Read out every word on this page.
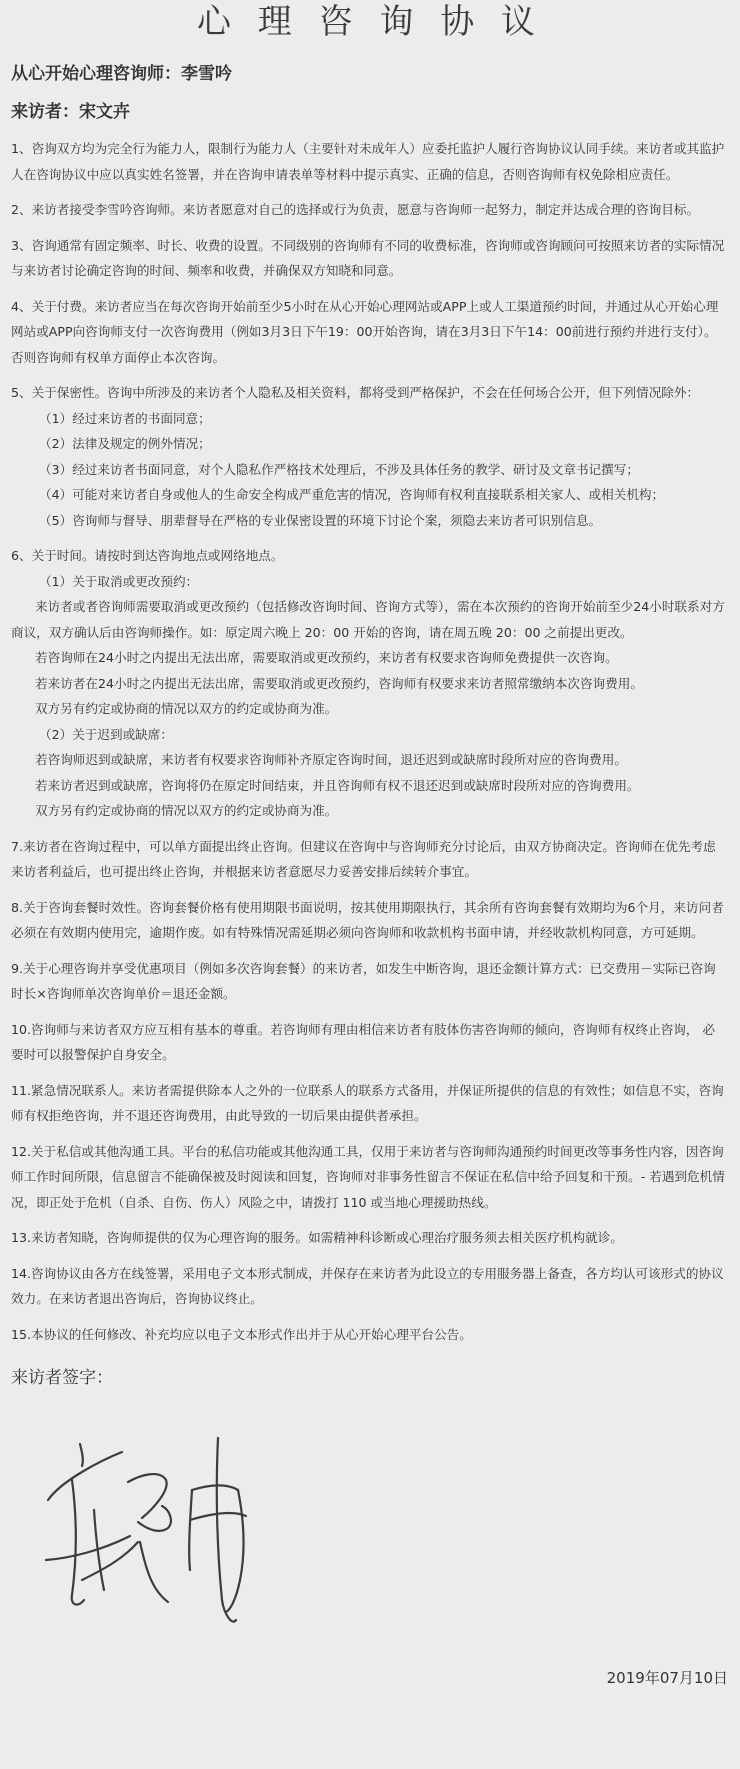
心 理 咨 询 协 议
从心开始心理咨询师：李雪吟
来访者：宋文卉
1、咨询双方均为完全行为能力人，限制行为能力人（主要针对未成年人）应委托监护人履行咨询协议认同手续。来访者或其监护人在咨询协议中应以真实姓名签署，并在咨询申请表单等材料中提示真实、正确的信息，否则咨询师有权免除相应责任。
2、来访者接受李雪吟咨询师。来访者愿意对自己的选择或行为负责，愿意与咨询师一起努力，制定并达成合理的咨询目标。
3、咨询通常有固定频率、时长、收费的设置。不同级别的咨询师有不同的收费标准，咨询师或咨询顾问可按照来访者的实际情况与来访者讨论确定咨询的时间、频率和收费，并确保双方知晓和同意。
4、关于付费。来访者应当在每次咨询开始前至少5小时在从心开始心理网站或APP上或人工渠道预约时间，并通过从心开始心理网站或APP向咨询师支付一次咨询费用（例如3月3日下午19：00开始咨询，请在3月3日下午14：00前进行预约并进行支付）。否则咨询师有权单方面停止本次咨询。
5、关于保密性。咨询中所涉及的来访者个人隐私及相关资料，都将受到严格保护，不会在任何场合公开，但下列情况除外：
（1）经过来访者的书面同意；
（2）法律及规定的例外情况；
（3）经过来访者书面同意，对个人隐私作严格技术处理后，不涉及具体任务的教学、研讨及文章书记撰写；
（4）可能对来访者自身或他人的生命安全构成严重危害的情况，咨询师有权利直接联系相关家人、或相关机构；
（5）咨询师与督导、朋辈督导在严格的专业保密设置的环境下讨论个案，须隐去来访者可识别信息。
6、关于时间。请按时到达咨询地点或网络地点。
（1）关于取消或更改预约：
来访者或者咨询师需要取消或更改预约（包括修改咨询时间、咨询方式等），需在本次预约的咨询开始前至少24小时联系对方商议，双方确认后由咨询师操作。如：原定周六晚上 20：00 开始的咨询，请在周五晚 20：00 之前提出更改。
若咨询师在24小时之内提出无法出席，需要取消或更改预约，来访者有权要求咨询师免费提供一次咨询。
若来访者在24小时之内提出无法出席，需要取消或更改预约，咨询师有权要求来访者照常缴纳本次咨询费用。
双方另有约定或协商的情况以双方的约定或协商为准。
（2）关于迟到或缺席：
若咨询师迟到或缺席，来访者有权要求咨询师补齐原定咨询时间，退还迟到或缺席时段所对应的咨询费用。
若来访者迟到或缺席，咨询将仍在原定时间结束，并且咨询师有权不退还迟到或缺席时段所对应的咨询费用。
双方另有约定或协商的情况以双方的约定或协商为准。
7.来访者在咨询过程中，可以单方面提出终止咨询。但建议在咨询中与咨询师充分讨论后，由双方协商决定。咨询师在优先考虑来访者利益后，也可提出终止咨询，并根据来访者意愿尽力妥善安排后续转介事宜。
8.关于咨询套餐时效性。咨询套餐价格有使用期限书面说明，按其使用期限执行，其余所有咨询套餐有效期均为6个月，来访问者必须在有效期内使用完，逾期作废。如有特殊情况需延期必须向咨询师和收款机构书面申请，并经收款机构同意，方可延期。
9.关于心理咨询并享受优惠项目（例如多次咨询套餐）的来访者，如发生中断咨询，退还金额计算方式：已交费用－实际已咨询时长×咨询师单次咨询单价＝退还金额。
10.咨询师与来访者双方应互相有基本的尊重。若咨询师有理由相信来访者有肢体伤害咨询师的倾向，咨询师有权终止咨询， 必要时可以报警保护自身安全。
11.紧急情况联系人。来访者需提供除本人之外的一位联系人的联系方式备用，并保证所提供的信息的有效性；如信息不实，咨询师有权拒绝咨询，并不退还咨询费用，由此导致的一切后果由提供者承担。
12.关于私信或其他沟通工具。平台的私信功能或其他沟通工具，仅用于来访者与咨询师沟通预约时间更改等事务性内容，因咨询师工作时间所限，信息留言不能确保被及时阅读和回复，咨询师对非事务性留言不保证在私信中给予回复和干预。- 若遇到危机情况，即正处于危机（自杀、自伤、伤人）风险之中，请拨打 110 或当地心理援助热线。
13.来访者知晓，咨询师提供的仅为心理咨询的服务。如需精神科诊断或心理治疗服务须去相关医疗机构就诊。
14.咨询协议由各方在线签署，采用电子文本形式制成，并保存在来访者为此设立的专用服务器上备查，各方均认可该形式的协议效力。在来访者退出咨询后，咨询协议终止。
15.本协议的任何修改、补充均应以电子文本形式作出并于从心开始心理平台公告。
来访者签字：
2019年07月10日
